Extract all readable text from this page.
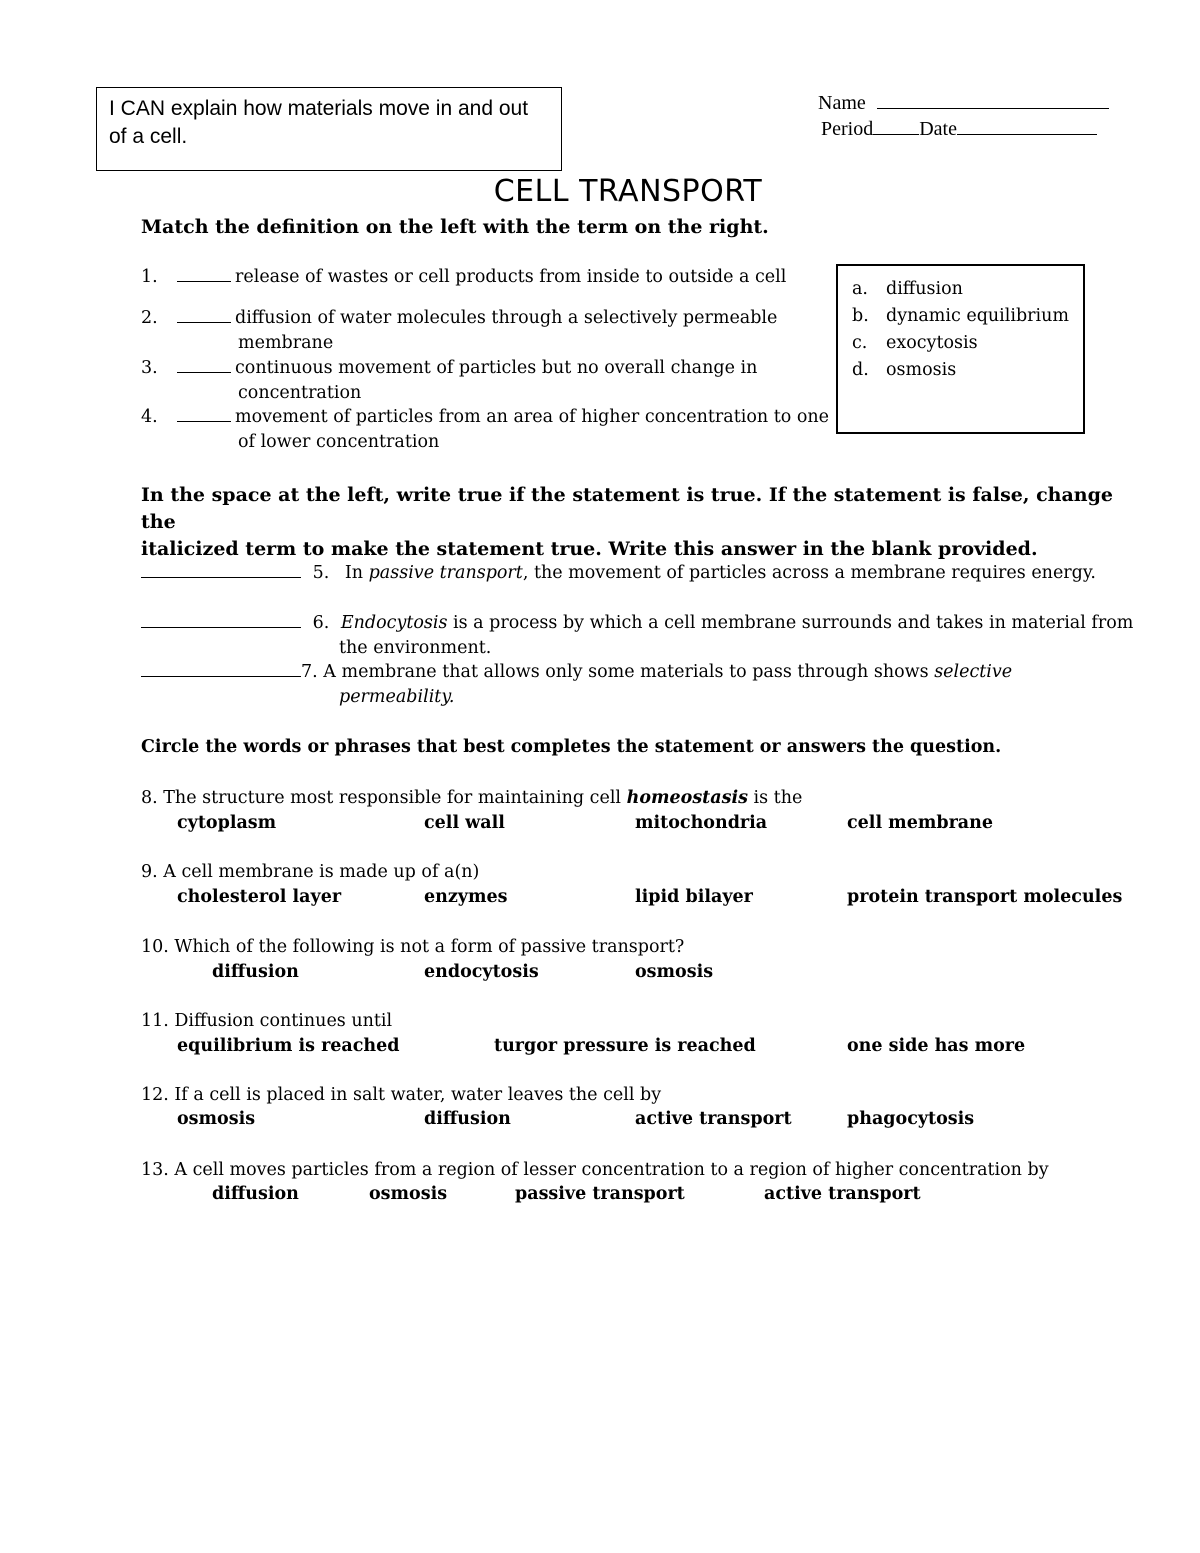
I CAN explain how materials move in and out of a cell.
Name
Period Date
CELL TRANSPORT
Match the definition on the left with the term on the right.
1.	release of wastes or cell products from inside to outside a cell
2.	diffusion of water molecules through a selectively permeable
membrane
3.	continuous movement of particles but no overall change in
concentration
4.	movement of particles from an area of higher concentration to one
of lower concentration
a. diffusion
b. dynamic equilibrium
c. exocytosis
d. osmosis
In the space at the left, write true if the statement is true. If the statement is false, change the
italicized term to make the statement true. Write this answer in the blank provided.
5. In passive transport, the movement of particles across a membrane requires energy.
6. Endocytosis is a process by which a cell membrane surrounds and takes in material from
the environment.
7. A membrane that allows only some materials to pass through shows selective
permeability.
Circle the words or phrases that best completes the statement or answers the question.
8. The structure most responsible for maintaining cell homeostasis is the
cytoplasm	cell wall	mitochondria	cell membrane
9. A cell membrane is made up of a(n)
cholesterol layer	enzymes	lipid bilayer	protein transport molecules
10. Which of the following is not a form of passive transport?
diffusion	endocytosis	osmosis
11. Diffusion continues until
equilibrium is reached	turgor pressure is reached	one side has more
12. If a cell is placed in salt water, water leaves the cell by
osmosis	diffusion	active transport	phagocytosis
13. A cell moves particles from a region of lesser concentration to a region of higher concentration by
diffusion	osmosis	passive transport	active transport
